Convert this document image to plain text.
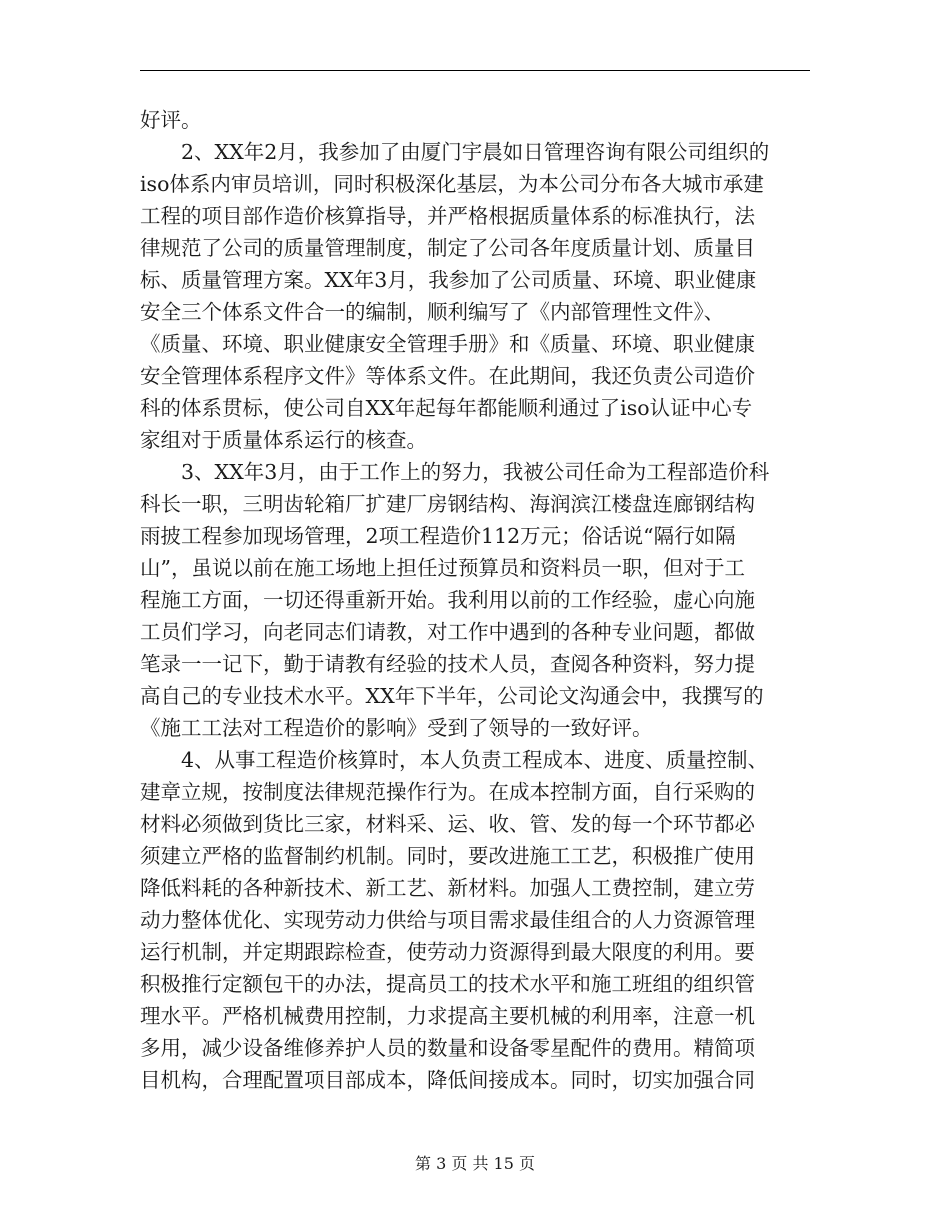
好评。
2、XX年2月，我参加了由厦门宇晨如日管理咨询有限公司组织的
iso体系内审员培训，同时积极深化基层，为本公司分布各大城市承建
工程的项目部作造价核算指导，并严格根据质量体系的标准执行，法
律规范了公司的质量管理制度，制定了公司各年度质量计划、质量目
标、质量管理方案。XX年3月，我参加了公司质量、环境、职业健康
安全三个体系文件合一的编制，顺利编写了《内部管理性文件》、
《质量、环境、职业健康安全管理手册》和《质量、环境、职业健康
安全管理体系程序文件》等体系文件。在此期间，我还负责公司造价
科的体系贯标，使公司自XX年起每年都能顺利通过了iso认证中心专
家组对于质量体系运行的核查。
3、XX年3月，由于工作上的努力，我被公司任命为工程部造价科
科长一职，三明齿轮箱厂扩建厂房钢结构、海润滨江楼盘连廊钢结构
雨披工程参加现场管理，2项工程造价112万元；俗话说“隔行如隔
山”，虽说以前在施工场地上担任过预算员和资料员一职，但对于工
程施工方面，一切还得重新开始。我利用以前的工作经验，虚心向施
工员们学习，向老同志们请教，对工作中遇到的各种专业问题，都做
笔录一一记下，勤于请教有经验的技术人员，查阅各种资料，努力提
高自己的专业技术水平。XX年下半年，公司论文沟通会中，我撰写的
《施工工法对工程造价的影响》受到了领导的一致好评。
4、从事工程造价核算时，本人负责工程成本、进度、质量控制、
建章立规，按制度法律规范操作行为。在成本控制方面，自行采购的
材料必须做到货比三家，材料采、运、收、管、发的每一个环节都必
须建立严格的监督制约机制。同时，要改进施工工艺，积极推广使用
降低料耗的各种新技术、新工艺、新材料。加强人工费控制，建立劳
动力整体优化、实现劳动力供给与项目需求最佳组合的人力资源管理
运行机制，并定期跟踪检查，使劳动力资源得到最大限度的利用。要
积极推行定额包干的办法，提高员工的技术水平和施工班组的组织管
理水平。严格机械费用控制，力求提高主要机械的利用率，注意一机
多用，减少设备维修养护人员的数量和设备零星配件的费用。精简项
目机构，合理配置项目部成本，降低间接成本。同时，切实加强合同
第 3 页 共 15 页
